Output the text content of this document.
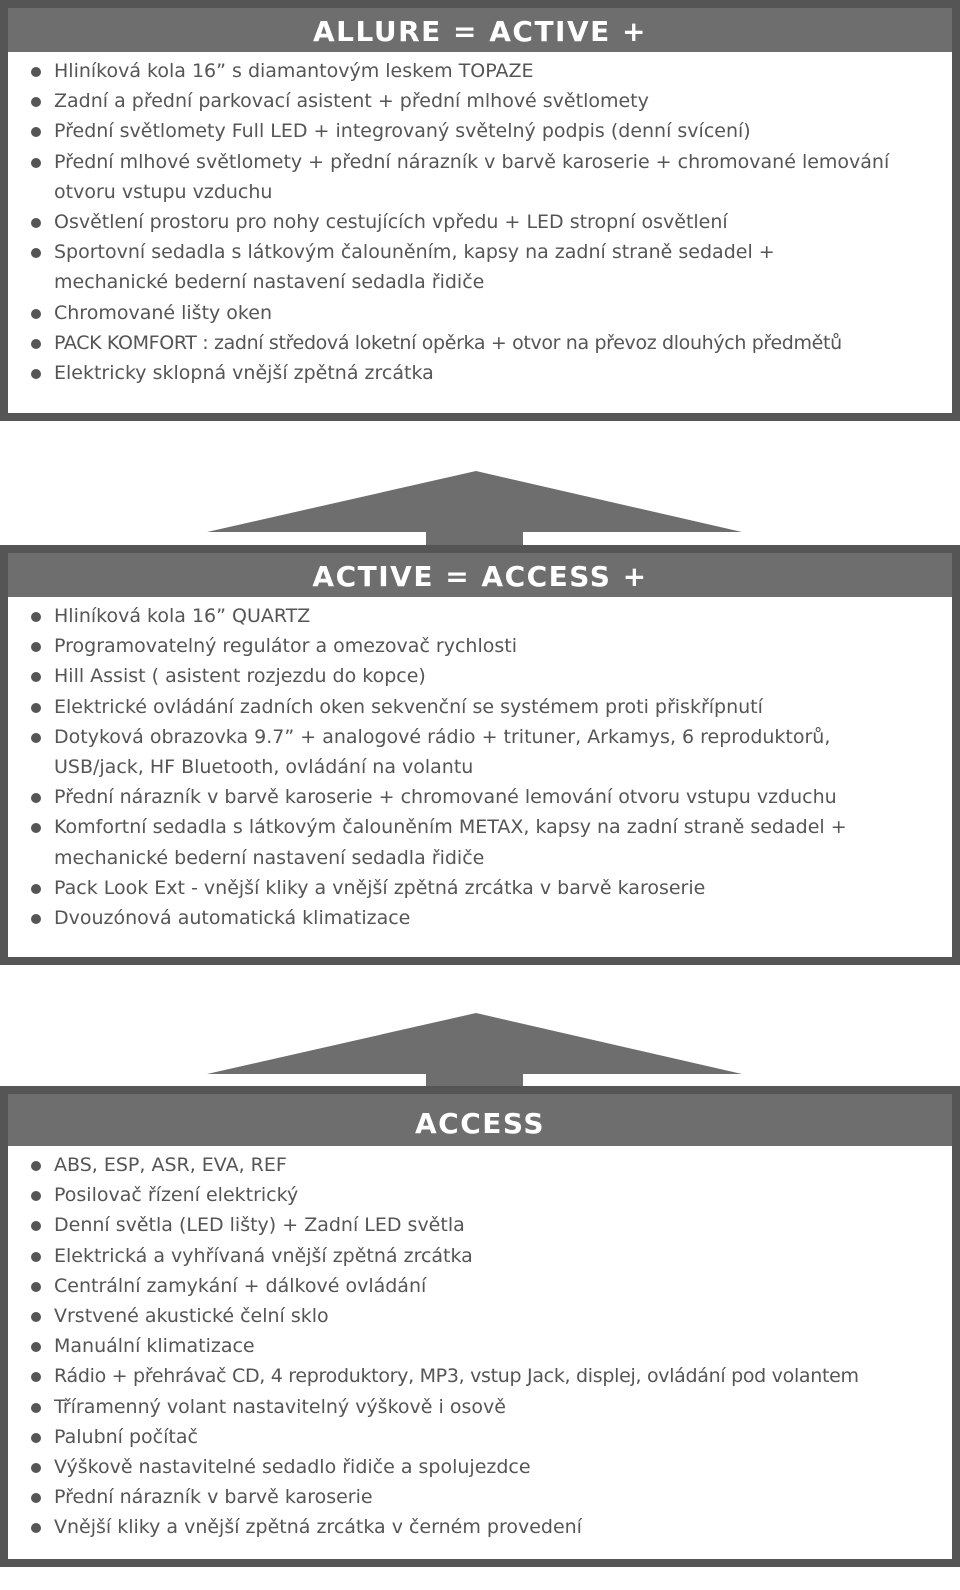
ALLURE = ACTIVE +
Hliníková kola 16” s diamantovým leskem TOPAZE
Zadní a přední parkovací asistent + přední mlhové světlomety
Přední světlomety Full LED + integrovaný světelný podpis (denní svícení)
Přední mlhové světlomety + přední nárazník v barvě karoserie + chromované lemování otvoru vstupu vzduchu
Osvětlení prostoru pro nohy cestujících vpředu + LED stropní osvětlení
Sportovní sedadla s látkovým čalouněním, kapsy na zadní straně sedadel + mechanické bederní nastavení sedadla řidiče
Chromované lišty oken
PACK KOMFORT : zadní středová loketní opěrka + otvor na převoz dlouhých předmětů
Elektricky sklopná vnější zpětná zrcátka
ACTIVE = ACCESS +
Hliníková kola 16” QUARTZ
Programovatelný regulátor a omezovač rychlosti
Hill Assist ( asistent rozjezdu do kopce)
Elektrické ovládání zadních oken sekvenční se systémem proti přiskřípnutí
Dotyková obrazovka 9.7” + analogové rádio + trituner, Arkamys, 6 reproduktorů, USB/jack, HF Bluetooth, ovládání na volantu
Přední nárazník v barvě karoserie + chromované lemování otvoru vstupu vzduchu
Komfortní sedadla s látkovým čalouněním METAX, kapsy na zadní straně sedadel + mechanické bederní nastavení sedadla řidiče
Pack Look Ext - vnější kliky a vnější zpětná zrcátka v barvě karoserie
Dvouzónová automatická klimatizace
ACCESS
ABS, ESP, ASR, EVA, REF
Posilovač řízení elektrický
Denní světla (LED lišty) + Zadní LED světla
Elektrická a vyhřívaná vnější zpětná zrcátka
Centrální zamykání + dálkové ovládání
Vrstvené akustické čelní sklo
Manuální klimatizace
Rádio + přehrávač CD, 4 reproduktory, MP3, vstup Jack, displej, ovládání pod volantem
Tříramenný volant nastavitelný výškově i osově
Palubní počítač
Výškově nastavitelné sedadlo řidiče a spolujezdce
Přední nárazník v barvě karoserie
Vnější kliky a vnější zpětná zrcátka v černém provedení
